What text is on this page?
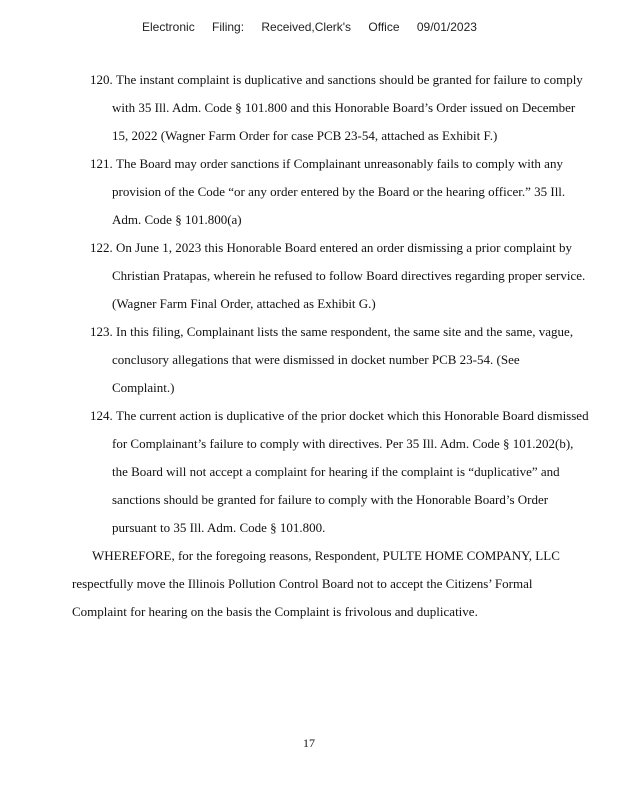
Electronic Filing: Received,Clerk's Office 09/01/2023
120. The instant complaint is duplicative and sanctions should be granted for failure to comply
with 35 Ill. Adm. Code § 101.800 and this Honorable Board’s Order issued on December
15, 2022 (Wagner Farm Order for case PCB 23-54, attached as Exhibit F.)
121. The Board may order sanctions if Complainant unreasonably fails to comply with any
provision of the Code “or any order entered by the Board or the hearing officer.” 35 Ill.
Adm. Code § 101.800(a)
122. On June 1, 2023 this Honorable Board entered an order dismissing a prior complaint by
Christian Pratapas, wherein he refused to follow Board directives regarding proper service.
(Wagner Farm Final Order, attached as Exhibit G.)
123. In this filing, Complainant lists the same respondent, the same site and the same, vague,
conclusory allegations that were dismissed in docket number PCB 23-54. (See
Complaint.)
124. The current action is duplicative of the prior docket which this Honorable Board dismissed
for Complainant’s failure to comply with directives. Per 35 Ill. Adm. Code § 101.202(b),
the Board will not accept a complaint for hearing if the complaint is “duplicative” and
sanctions should be granted for failure to comply with the Honorable Board’s Order
pursuant to 35 Ill. Adm. Code § 101.800.
WHEREFORE, for the foregoing reasons, Respondent, PULTE HOME COMPANY, LLC
respectfully move the Illinois Pollution Control Board not to accept the Citizens’ Formal
Complaint for hearing on the basis the Complaint is frivolous and duplicative.
17
